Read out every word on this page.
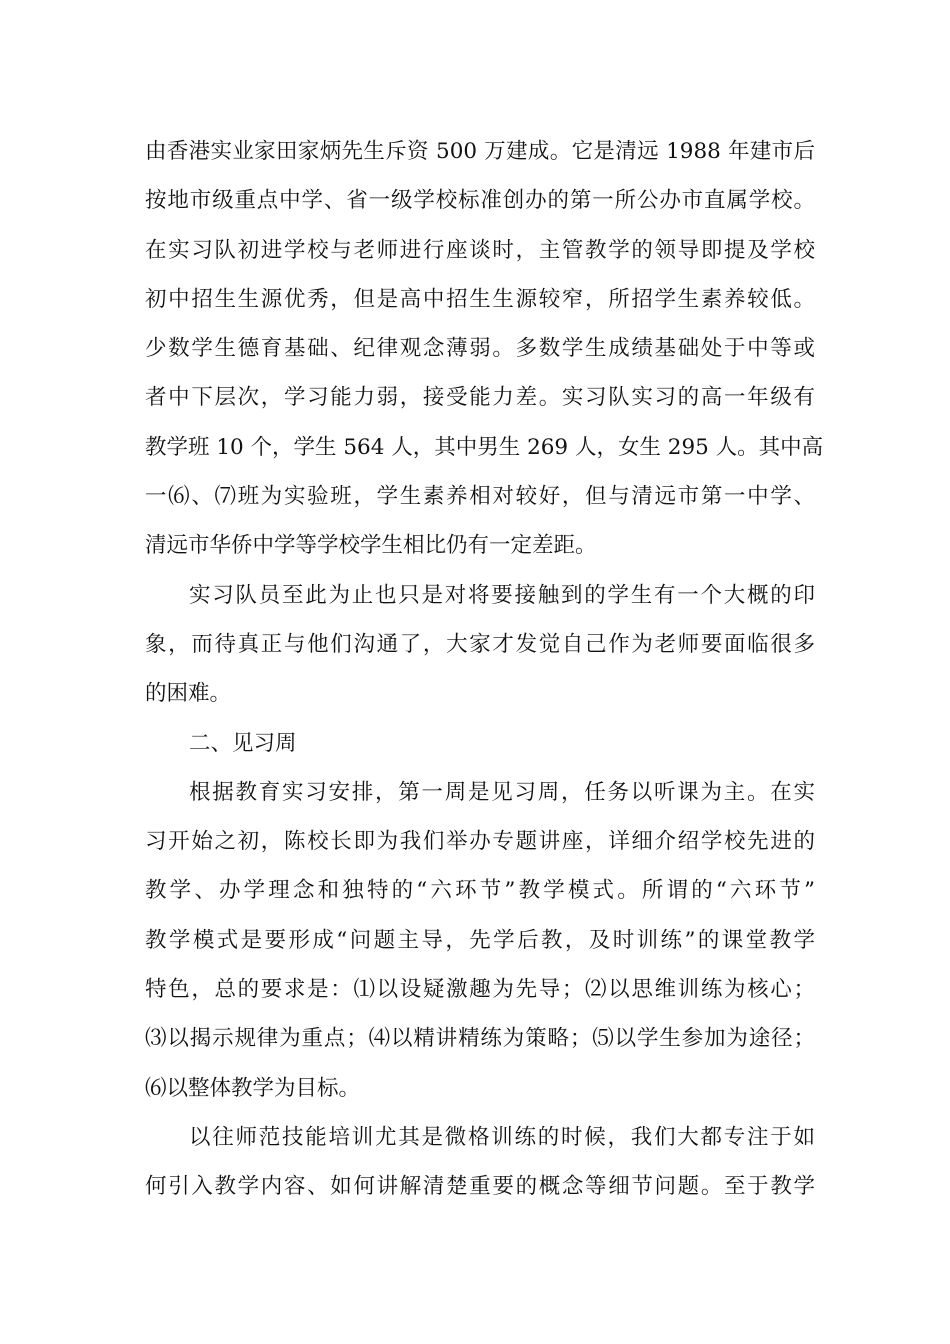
由香港实业家田家炳先生斥资 500 万建成。它是清远 1988 年建市后
按地市级重点中学、省一级学校标准创办的第一所公办市直属学校。
在实习队初进学校与老师进行座谈时，主管教学的领导即提及学校
初中招生生源优秀，但是高中招生生源较窄，所招学生素养较低。
少数学生德育基础、纪律观念薄弱。多数学生成绩基础处于中等或
者中下层次，学习能力弱，接受能力差。实习队实习的高一年级有
教学班 10 个，学生 564 人，其中男生 269 人，女生 295 人。其中高
一⑹、⑺班为实验班，学生素养相对较好，但与清远市第一中学、
清远市华侨中学等学校学生相比仍有一定差距。
实习队员至此为止也只是对将要接触到的学生有一个大概的印
象，而待真正与他们沟通了，大家才发觉自己作为老师要面临很多
的困难。
二、见习周
根据教育实习安排，第一周是见习周，任务以听课为主。在实
习开始之初，陈校长即为我们举办专题讲座，详细介绍学校先进的
教学、办学理念和独特的“六环节”教学模式。所谓的“六环节”
教学模式是要形成“问题主导，先学后教，及时训练”的课堂教学
特色，总的要求是：⑴以设疑激趣为先导；⑵以思维训练为核心；
⑶以揭示规律为重点；⑷以精讲精练为策略；⑸以学生参加为途径；
⑹以整体教学为目标。
以往师范技能培训尤其是微格训练的时候，我们大都专注于如
何引入教学内容、如何讲解清楚重要的概念等细节问题。至于教学
